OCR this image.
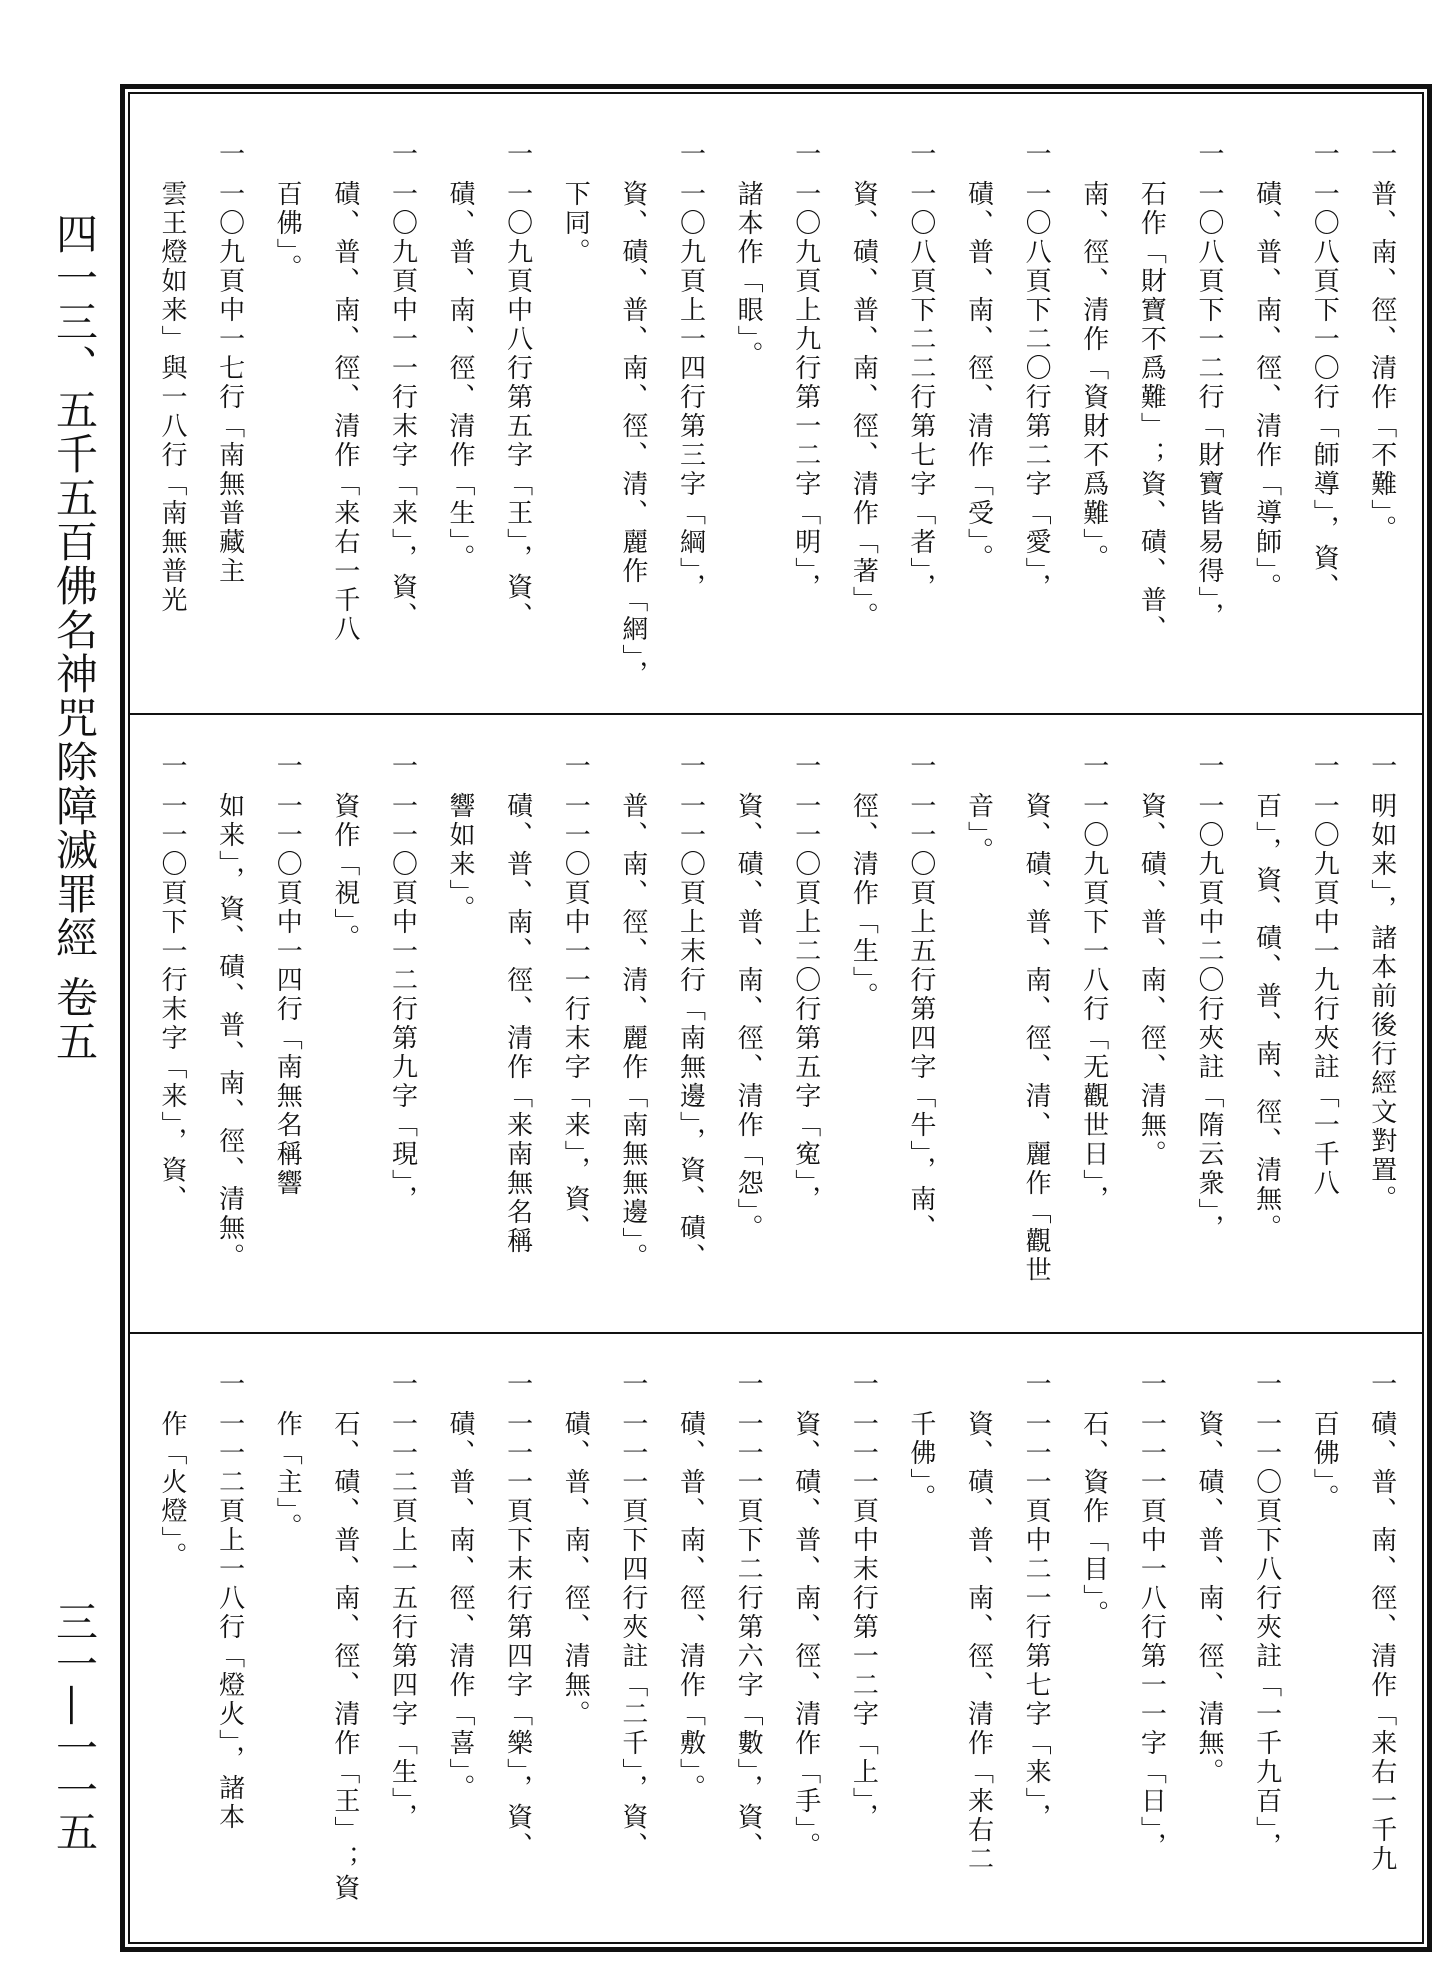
四一三、五千五百佛名神咒除障滅罪經 卷五
三一—一一五
一 普、南、徑、清作「不難」。
一 一〇八頁下一〇行「師導」，資、
　 磧、普、南、徑、清作「導師」。
一 一〇八頁下一二行「財寶皆易得」，
　 石作「財寶不爲難」；資、磧、普、
　 南、徑、清作「資財不爲難」。
一 一〇八頁下二〇行第二字「愛」，
　 磧、普、南、徑、清作「受」。
一 一〇八頁下二二行第七字「者」，
　 資、磧、普、南、徑、清作「著」。
一 一〇九頁上九行第一二字「明」，
　 諸本作「眼」。
一 一〇九頁上一四行第三字「綱」，
　 資、磧、普、南、徑、清、麗作「網」，
　 下同。
一 一〇九頁中八行第五字「王」，資、
　 磧、普、南、徑、清作「生」。
一 一〇九頁中一一行末字「来」，資、
　 磧、普、南、徑、清作「来右一千八
　 百佛」。
一 一〇九頁中一七行「南無普藏主
　 雲王燈如来」與一八行「南無普光
一 明如来」，諸本前後行經文對置。
一 一〇九頁中一九行夾註「一千八
　 百」，資、磧、普、南、徑、清無。
一 一〇九頁中二〇行夾註「隋云衆」，
　 資、磧、普、南、徑、清無。
一 一〇九頁下一八行「无觀世日」，
　 資、磧、普、南、徑、清、麗作「觀世
　 音」。
一 一一〇頁上五行第四字「牛」，南、
　 徑、清作「生」。
一 一一〇頁上二〇行第五字「寃」，
　 資、磧、普、南、徑、清作「怨」。
一 一一〇頁上末行「南無邊」，資、磧、
　 普、南、徑、清、麗作「南無無邊」。
一 一一〇頁中一一行末字「来」，資、
　 磧、普、南、徑、清作「来南無名稱
　 響如来」。
一 一一〇頁中一二行第九字「現」，
　 資作「視」。
一 一一〇頁中一四行「南無名稱響
　 如来」，資、磧、普、南、徑、清無。
一 一一〇頁下一行末字「来」，資、
一 磧、普、南、徑、清作「来右一千九
　 百佛」。
一 一一〇頁下八行夾註「一千九百」，
　 資、磧、普、南、徑、清無。
一 一一一頁中一八行第一一字「日」，
　 石、資作「目」。
一 一一一頁中二一行第七字「来」，
　 資、磧、普、南、徑、清作「来右二
　 千佛」。
一 一一一頁中末行第一二字「上」，
　 資、磧、普、南、徑、清作「手」。
一 一一一頁下二行第六字「數」，資、
　 磧、普、南、徑、清作「敷」。
一 一一一頁下四行夾註「二千」，資、
　 磧、普、南、徑、清無。
一 一一一頁下末行第四字「樂」，資、
　 磧、普、南、徑、清作「喜」。
一 一一二頁上一五行第四字「生」，
　 石、磧、普、南、徑、清作「王」；資
　 作「主」。
一 一一二頁上一八行「燈火」，諸本
　 作「火燈」。
